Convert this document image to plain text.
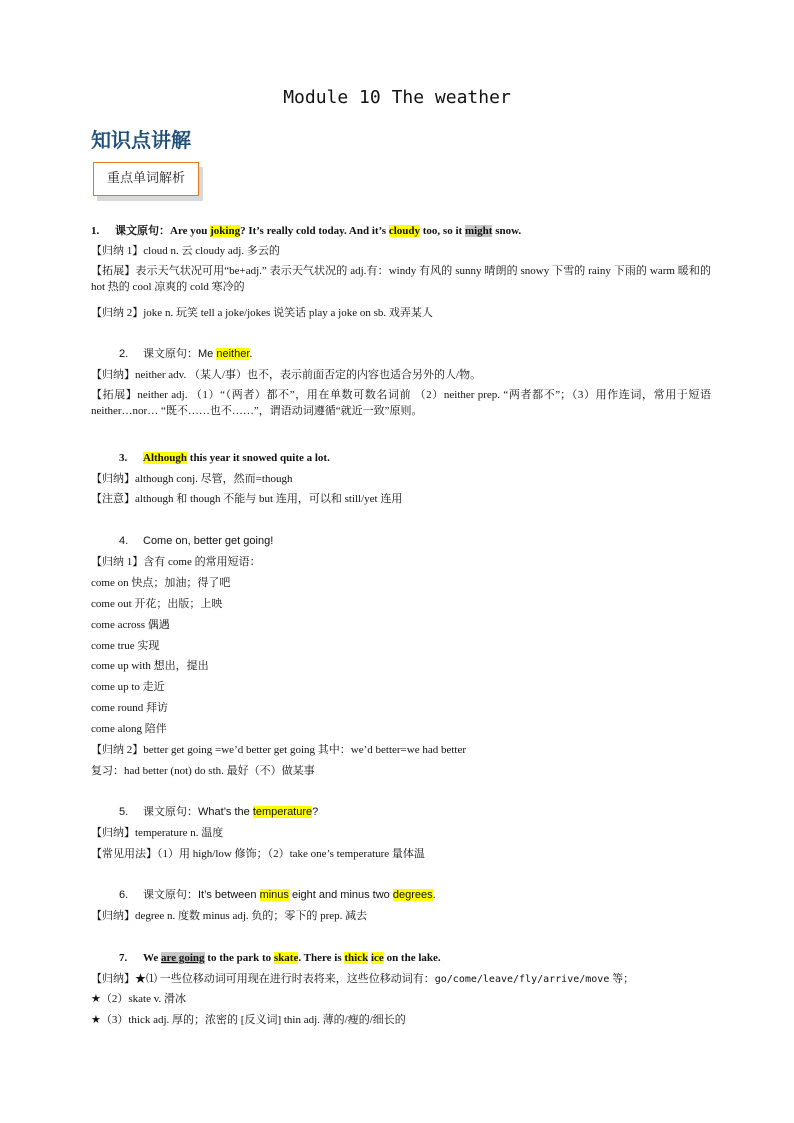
Module 10 The weather
知识点讲解
重点单词解析
1. 课文原句：Are you joking? It’s really cold today. And it’s cloudy too, so it might snow.
【归纳 1】cloud n. 云 cloudy adj. 多云的
【拓展】表示天气状况可用“be+adj.” 表示天气状况的 adj.有：windy 有风的 sunny 晴朗的 snowy 下雪的 rainy 下雨的 warm 暖和的 hot 热的 cool 凉爽的 cold 寒冷的
【归纳 2】joke n. 玩笑 tell a joke/jokes 说笑话 play a joke on sb. 戏弄某人
2. 课文原句：Me neither.
【归纳】neither adv. （某人/事）也不，表示前面否定的内容也适合另外的人/物。
【拓展】neither adj. （1）“（两者）都不”，用在单数可数名词前 （2）neither prep. “两者都不”；（3）用作连词，常用于短语 neither…nor… “既不……也不……”，谓语动词遵循“就近一致”原则。
3. Although this year it snowed quite a lot.
【归纳】although conj. 尽管，然而=though
【注意】although 和 though 不能与 but 连用，可以和 still/yet 连用
4. Come on, better get going!
【归纳 1】含有 come 的常用短语：
come on 快点；加油；得了吧
come out 开花；出版；上映
come across 偶遇
come true 实现
come up with 想出，提出
come up to 走近
come round 拜访
come along 陪伴
【归纳 2】better get going =we’d better get going 其中：we’d better=we had better
复习：had better (not) do sth. 最好（不）做某事
5. 课文原句：What’s the temperature?
【归纳】temperature n. 温度
【常见用法】（1）用 high/low 修饰；（2）take one’s temperature 量体温
6. 课文原句：It’s between minus eight and minus two degrees.
【归纳】degree n. 度数 minus adj. 负的；零下的 prep. 减去
7. We are going to the park to skate. There is thick ice on the lake.
【归纳】★⑴ 一些位移动词可用现在进行时表将来，这些位移动词有：go/come/leave/fly/arrive/move 等；
★（2）skate v. 滑冰
★（3）thick adj. 厚的；浓密的 [反义词] thin adj. 薄的/瘦的/细长的
